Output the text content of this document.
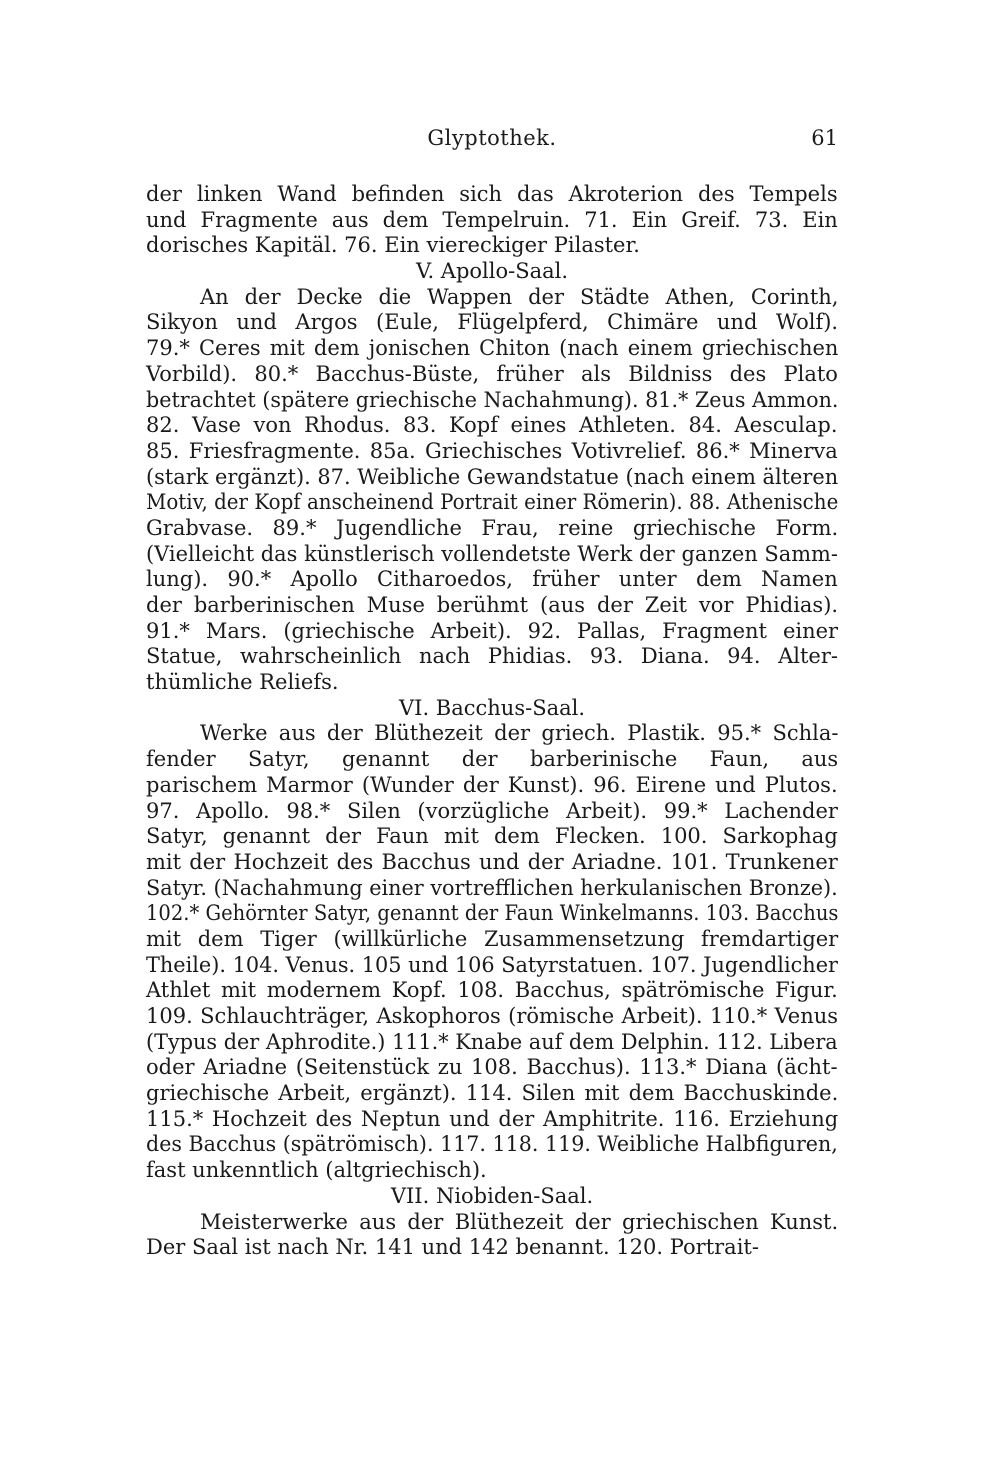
Glyptothek.	61
der linken Wand befinden sich das Akroterion des Tempels
und Fragmente aus dem Tempelruin. 71. Ein Greif. 73. Ein
dorisches Kapitäl. 76. Ein viereckiger Pilaster.
V. Apollo-Saal.
An der Decke die Wappen der Städte Athen, Corinth,
Sikyon und Argos (Eule, Flügelpferd, Chimäre und Wolf).
79.* Ceres mit dem jonischen Chiton (nach einem griechischen
Vorbild). 80.* Bacchus-Büste, früher als Bildniss des Plato
betrachtet (spätere griechische Nachahmung). 81.* Zeus Ammon.
82. Vase von Rhodus. 83. Kopf eines Athleten. 84. Aesculap.
85. Friesfragmente. 85a. Griechisches Votivrelief. 86.* Minerva
(stark ergänzt). 87. Weibliche Gewandstatue (nach einem älteren
Motiv, der Kopf anscheinend Portrait einer Römerin). 88. Athenische
Grabvase. 89.* Jugendliche Frau, reine griechische Form.
(Vielleicht das künstlerisch vollendetste Werk der ganzen Samm-
lung). 90.* Apollo Citharoedos, früher unter dem Namen
der barberinischen Muse berühmt (aus der Zeit vor Phidias).
91.* Mars. (griechische Arbeit). 92. Pallas, Fragment einer
Statue, wahrscheinlich nach Phidias. 93. Diana. 94. Alter-
thümliche Reliefs.
VI. Bacchus-Saal.
Werke aus der Blüthezeit der griech. Plastik. 95.* Schla-
fender Satyr, genannt der barberinische Faun, aus
parischem Marmor (Wunder der Kunst). 96. Eirene und Plutos.
97. Apollo. 98.* Silen (vorzügliche Arbeit). 99.* Lachender
Satyr, genannt der Faun mit dem Flecken. 100. Sarkophag
mit der Hochzeit des Bacchus und der Ariadne. 101. Trunkener
Satyr. (Nachahmung einer vortrefflichen herkulanischen Bronze).
102.* Gehörnter Satyr, genannt der Faun Winkelmanns. 103. Bacchus
mit dem Tiger (willkürliche Zusammensetzung fremdartiger
Theile). 104. Venus. 105 und 106 Satyrstatuen. 107. Jugendlicher
Athlet mit modernem Kopf. 108. Bacchus, spätrömische Figur.
109. Schlauchträger, Askophoros (römische Arbeit). 110.* Venus
(Typus der Aphrodite.) 111.* Knabe auf dem Delphin. 112. Libera
oder Ariadne (Seitenstück zu 108. Bacchus). 113.* Diana (ächt-
griechische Arbeit, ergänzt). 114. Silen mit dem Bacchuskinde.
115.* Hochzeit des Neptun und der Amphitrite. 116. Erziehung
des Bacchus (spätrömisch). 117. 118. 119. Weibliche Halbfiguren,
fast unkenntlich (altgriechisch).
VII. Niobiden-Saal.
Meisterwerke aus der Blüthezeit der griechischen Kunst.
Der Saal ist nach Nr. 141 und 142 benannt. 120. Portrait-
